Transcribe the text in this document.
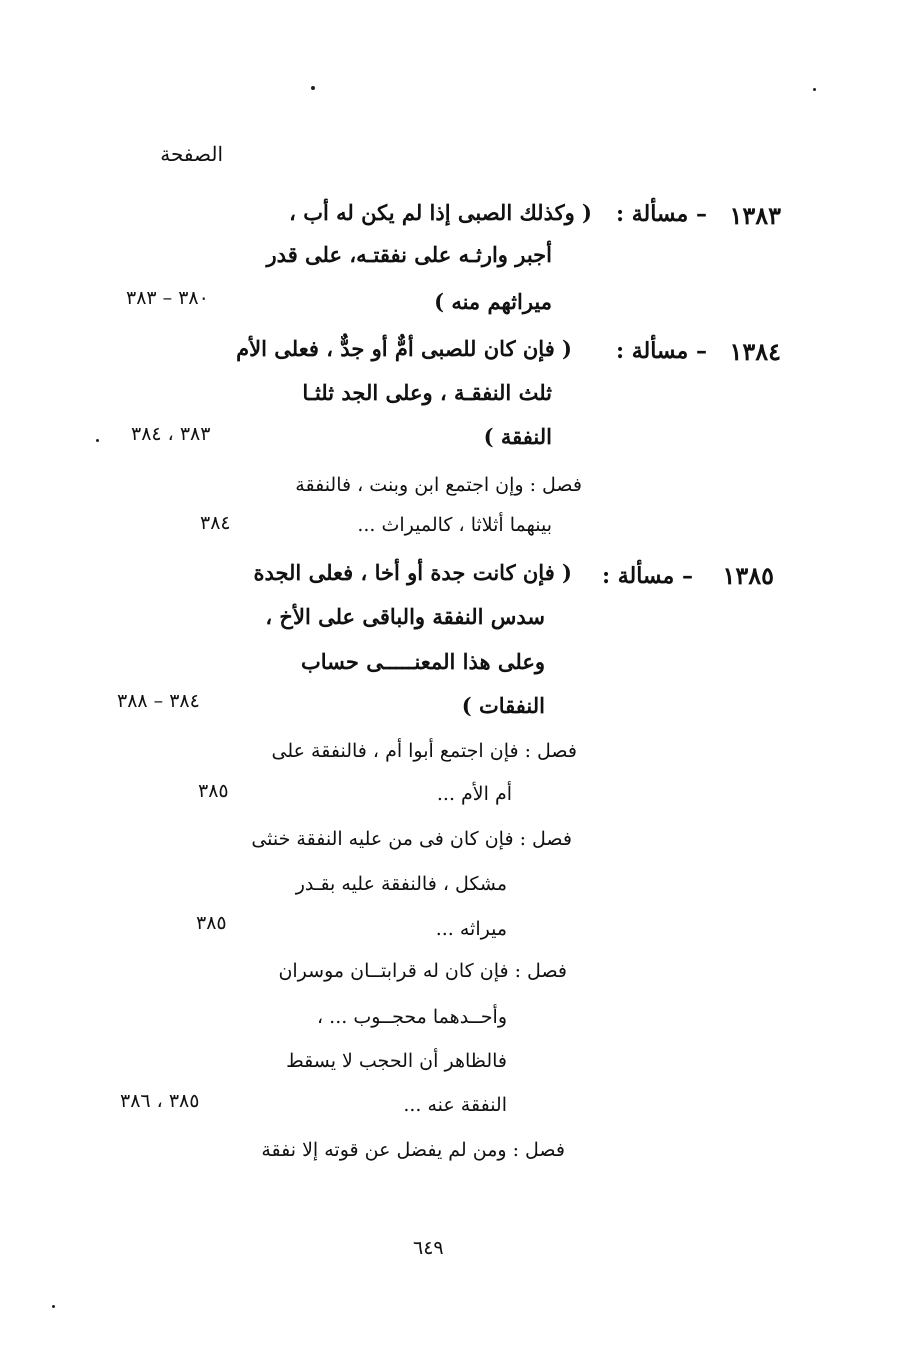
الصفحة
١٣٨٣
– مسألة :
( وكذلك الصبى إذا لم يكن له أب ،
أجبر وارثـه على نفقتـه، على قدر
ميراثهم منه )
٣٨٠ – ٣٨٣
١٣٨٤
– مسألة :
( فإن كان للصبى أمٌّ أو جدٌّ ، فعلى الأم
ثلث النفقـة ، وعلى الجد ثلثـا
النفقة )
٣٨٣ ، ٣٨٤
فصل : وإن اجتمع ابن وبنت ، فالنفقة
بينهما أثلاثا ، كالميراث ...
٣٨٤
١٣٨٥
– مسألة :
( فإن كانت جدة أو أخا ، فعلى الجدة
سدس النفقة والباقى على الأخ ،
وعلى هذا المعنـــــى حساب
النفقات )
٣٨٤ – ٣٨٨
فصل : فإن اجتمع أبوا أم ، فالنفقة على
أم الأم ...
٣٨٥
فصل : فإن كان فى من عليه النفقة خنثى
مشكل ، فالنفقة عليه بقـدر
ميراثه ...
٣٨٥
فصل : فإن كان له قرابتــان موسران
وأحــدهما محجــوب ... ،
فالظاهر أن الحجب لا يسقط
النفقة عنه ...
٣٨٥ ، ٣٨٦
فصل : ومن لم يفضل عن قوته إلا نفقة
٦٤٩
